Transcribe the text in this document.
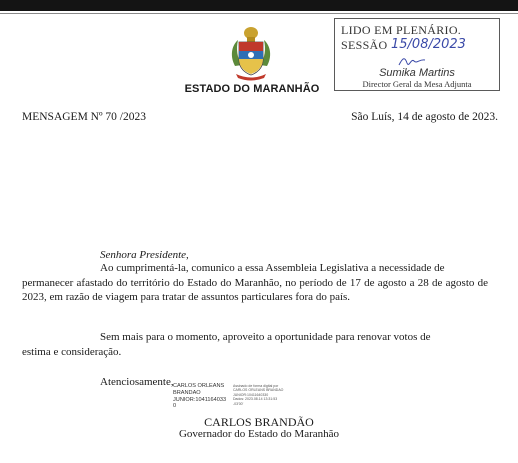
ESTADO DO MARANHÃO
LIDO EM PLENÁRIO.
SESSÃO 15/08/2023
Sumika Martins
Director Geral da Mesa Adjunta
MENSAGEM Nº 70 /2023	São Luís, 14 de agosto de 2023.
Senhora Presidente,
Ao cumprimentá-la, comunico a essa Assembleia Legislativa a necessidade de
permanecer afastado do território do Estado do Maranhão, no período de 17 de agosto a 28 de agosto de 2023, em razão de viagem para tratar de assuntos particulares fora do país.
Sem mais para o momento, aproveito a oportunidade para renovar votos de
estima e consideração.
Atenciosamente, CARLOS ORLEANS
BRANDAO
JUNIOR:1041164033
0
Assinado de forma digital por
CARLOS ORLEANS BRANDAO
JUNIOR:10411640330
Dados: 2023.08.14 13:31:53
-03'00'
CARLOS BRANDÃO
Governador do Estado do Maranhão
